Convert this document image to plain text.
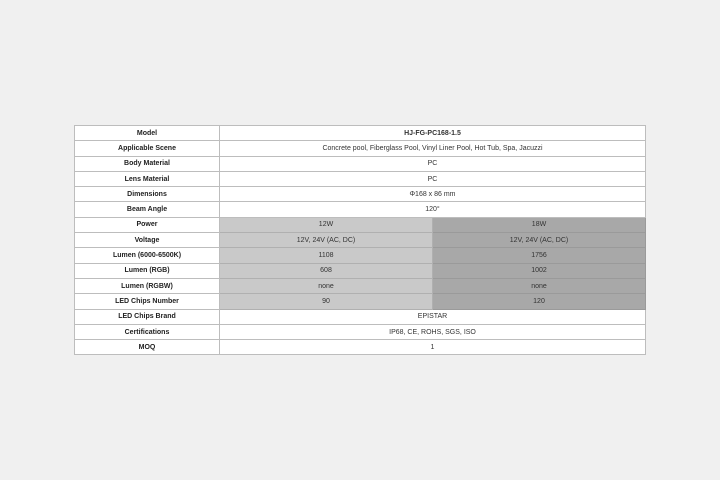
Model	HJ-FG-PC168-1.5	
Applicable Scene	Concrete pool, Fiberglass Pool, Vinyl Liner Pool, Hot Tub, Spa, Jacuzzi	
Body Material	PC	
Lens Material	PC	
Dimensions	Φ168 x 86 mm	
Beam Angle	120°	
Power	12W	18W
Voltage	12V, 24V (AC, DC)	12V, 24V (AC, DC)
Lumen (6000-6500K)	1108	1756
Lumen (RGB)	608	1002
Lumen (RGBW)	none	none
LED Chips Number	90	120
LED Chips Brand	EPISTAR	
Certifications	IP68, CE, ROHS, SGS, ISO	
MOQ	1	
